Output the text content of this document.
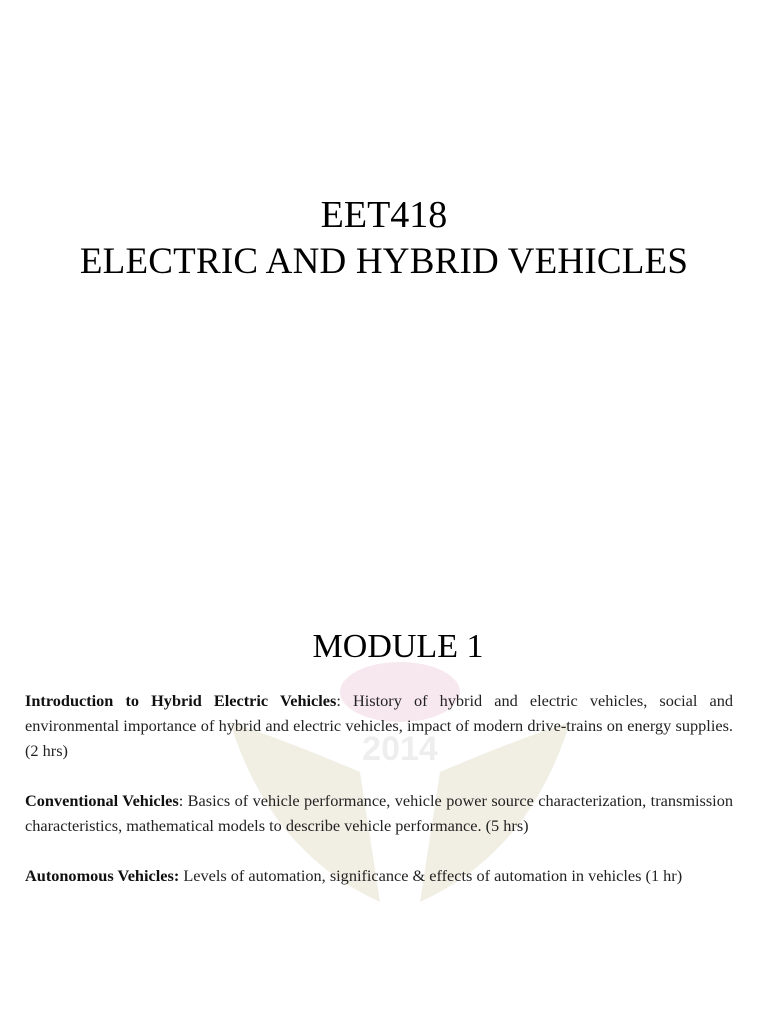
2014
EET418
ELECTRIC AND HYBRID VEHICLES
MODULE 1

Introduction to Hybrid Electric Vehicles: History of hybrid and electric vehicles, social and environmental importance of hybrid and electric vehicles, impact of modern drive-trains on energy supplies. (2 hrs)

Conventional Vehicles: Basics of vehicle performance, vehicle power source characterization, transmission characteristics, mathematical models to describe vehicle performance. (5 hrs)

Autonomous Vehicles: Levels of automation, significance & effects of automation in vehicles (1 hr)
